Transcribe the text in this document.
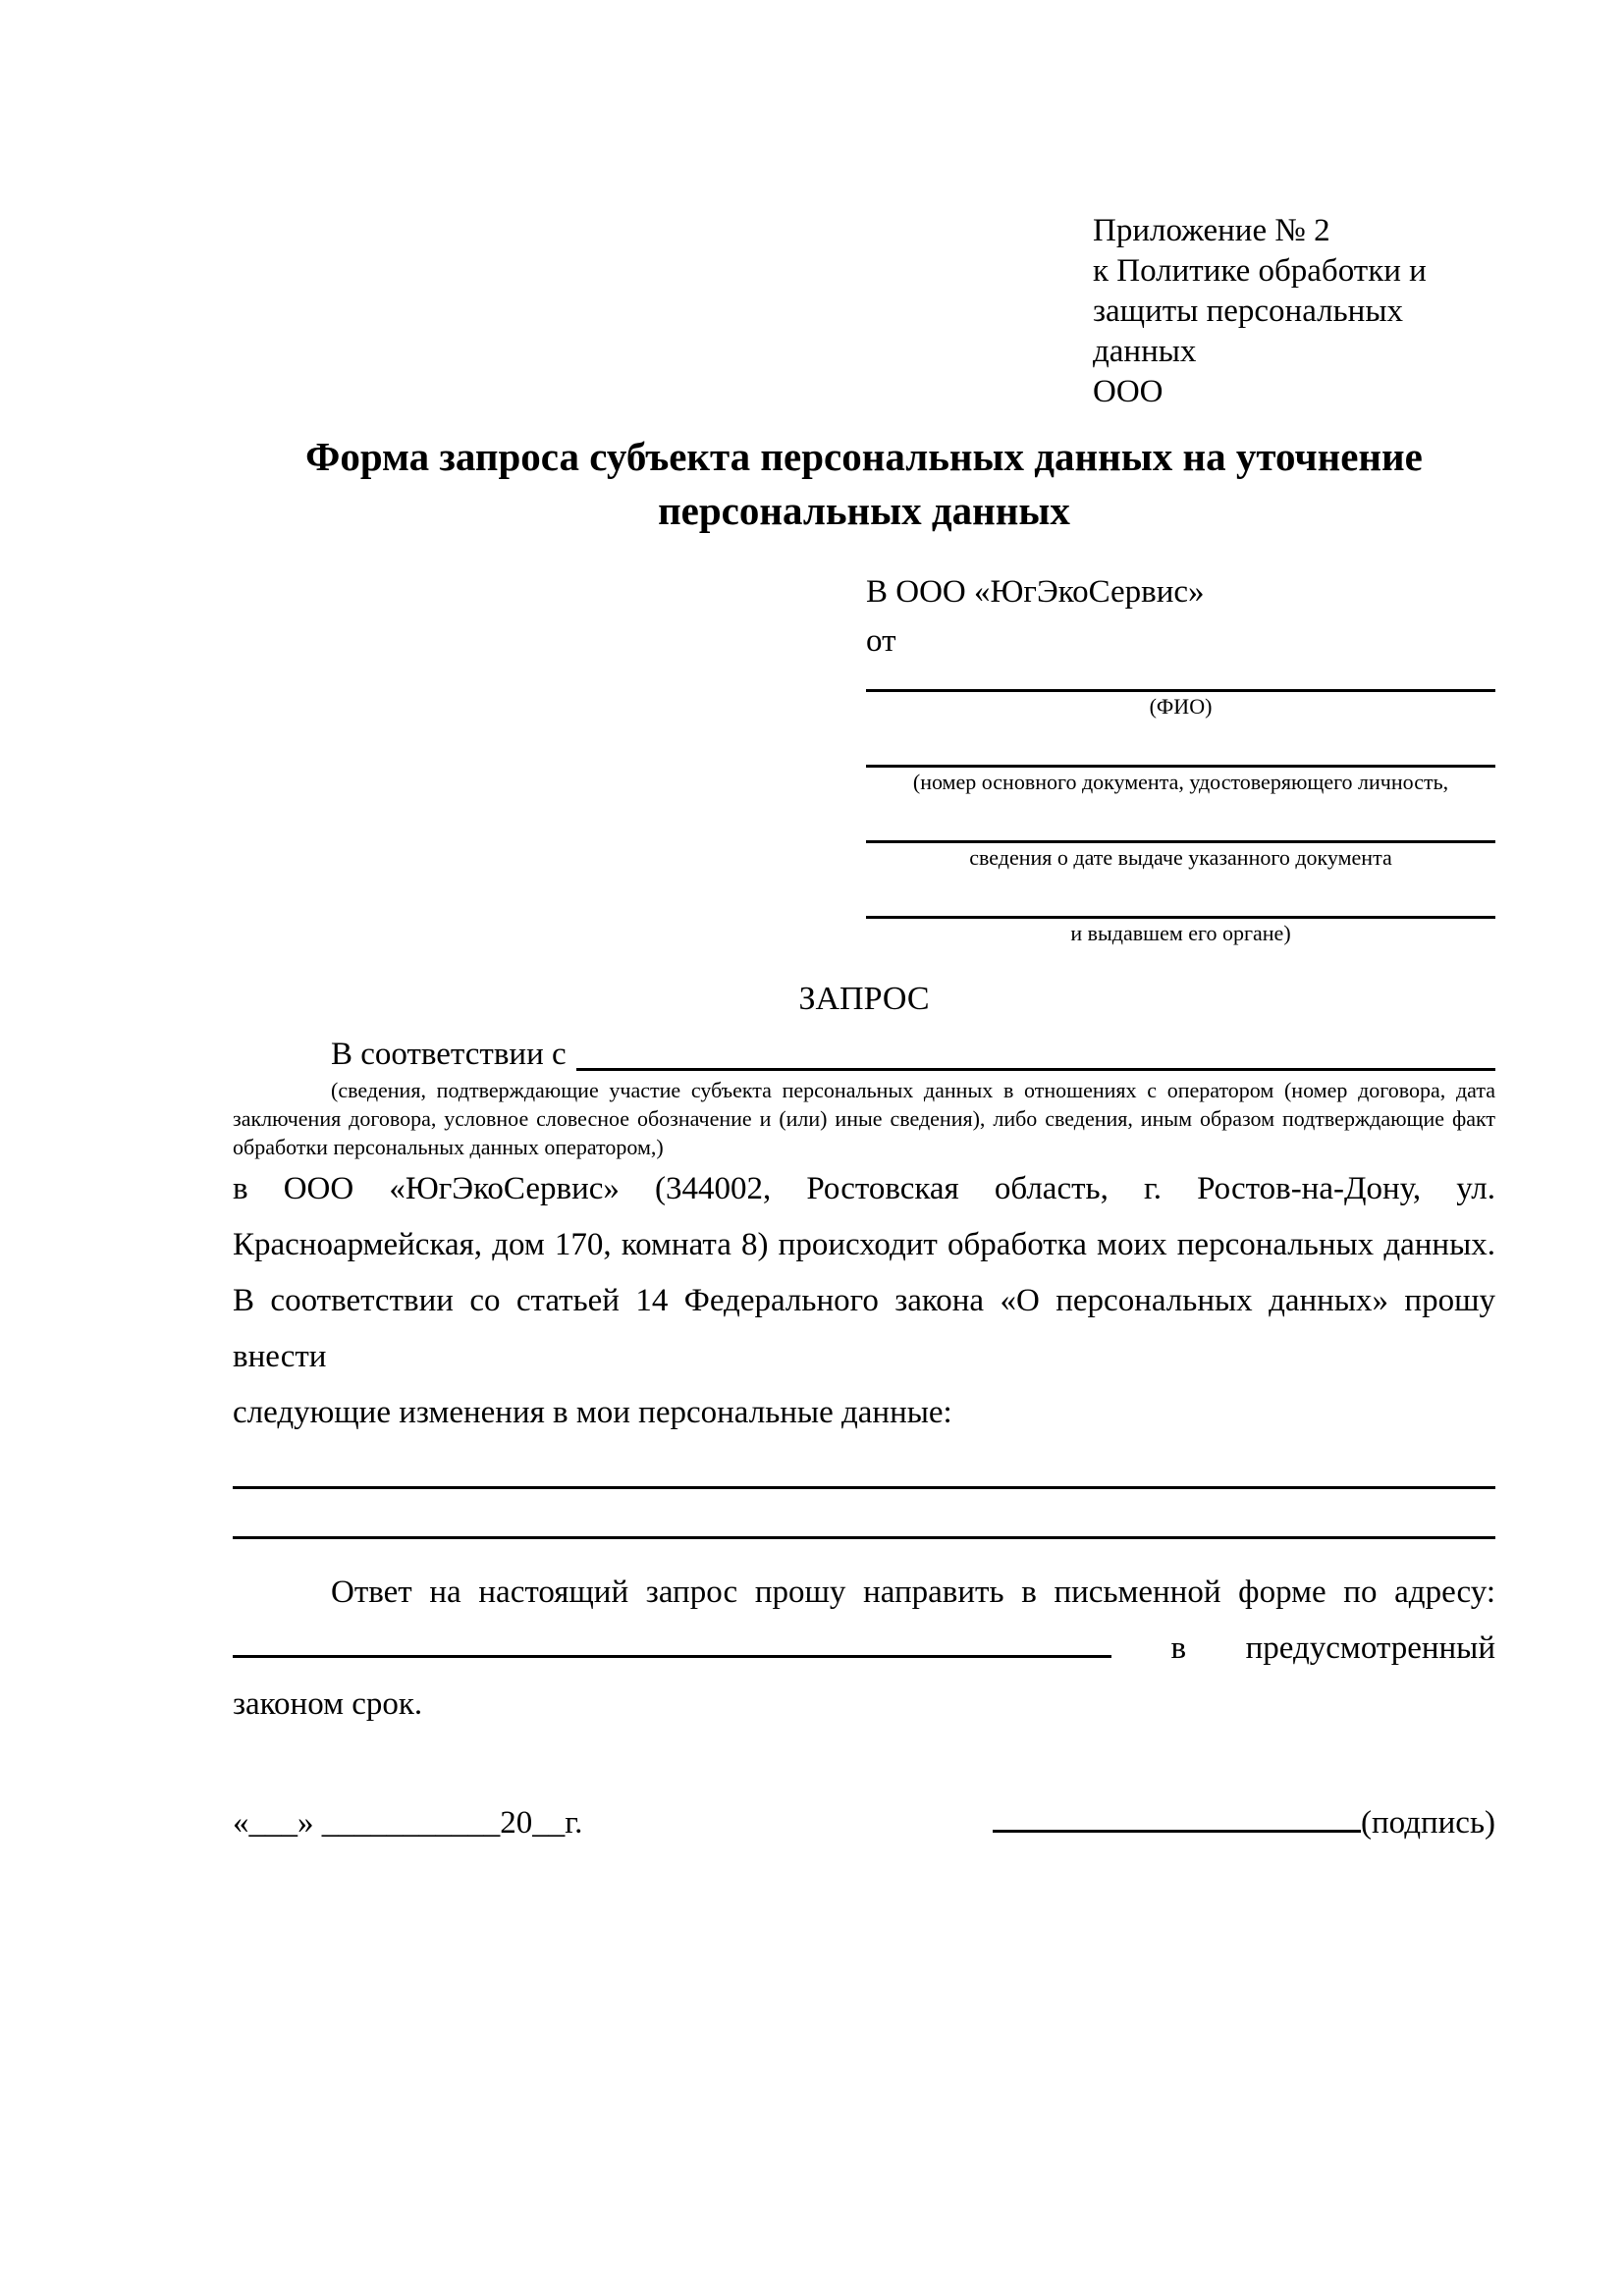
Приложение № 2
к Политике обработки и
защиты персональных данных
ООО
Форма запроса субъекта персональных данных на уточнение персональных данных
В ООО «ЮгЭкоСервис»
от
(ФИО)
(номер основного документа, удостоверяющего личность,
сведения о дате выдаче указанного документа
и выдавшем его органе)
ЗАПРОС
В соответствии с
(сведения, подтверждающие участие субъекта персональных данных в отношениях с оператором (номер договора, дата
заключения договора, условное словесное обозначение и (или) иные сведения), либо сведения, иным образом подтверждающие факт
обработки персональных данных оператором,)
в ООО «ЮгЭкоСервис» (344002, Ростовская область, г. Ростов-на-Дону, ул.
Красноармейская, дом 170, комната 8) происходит обработка моих персональных данных.
В соответствии со статьей 14 Федерального закона «О персональных данных» прошу внести
следующие изменения в мои персональные данные:
Ответ на настоящий запрос прошу направить в письменной форме по адресу:
в предусмотренный
законом срок.
«___» ___________20__г.	(подпись)
